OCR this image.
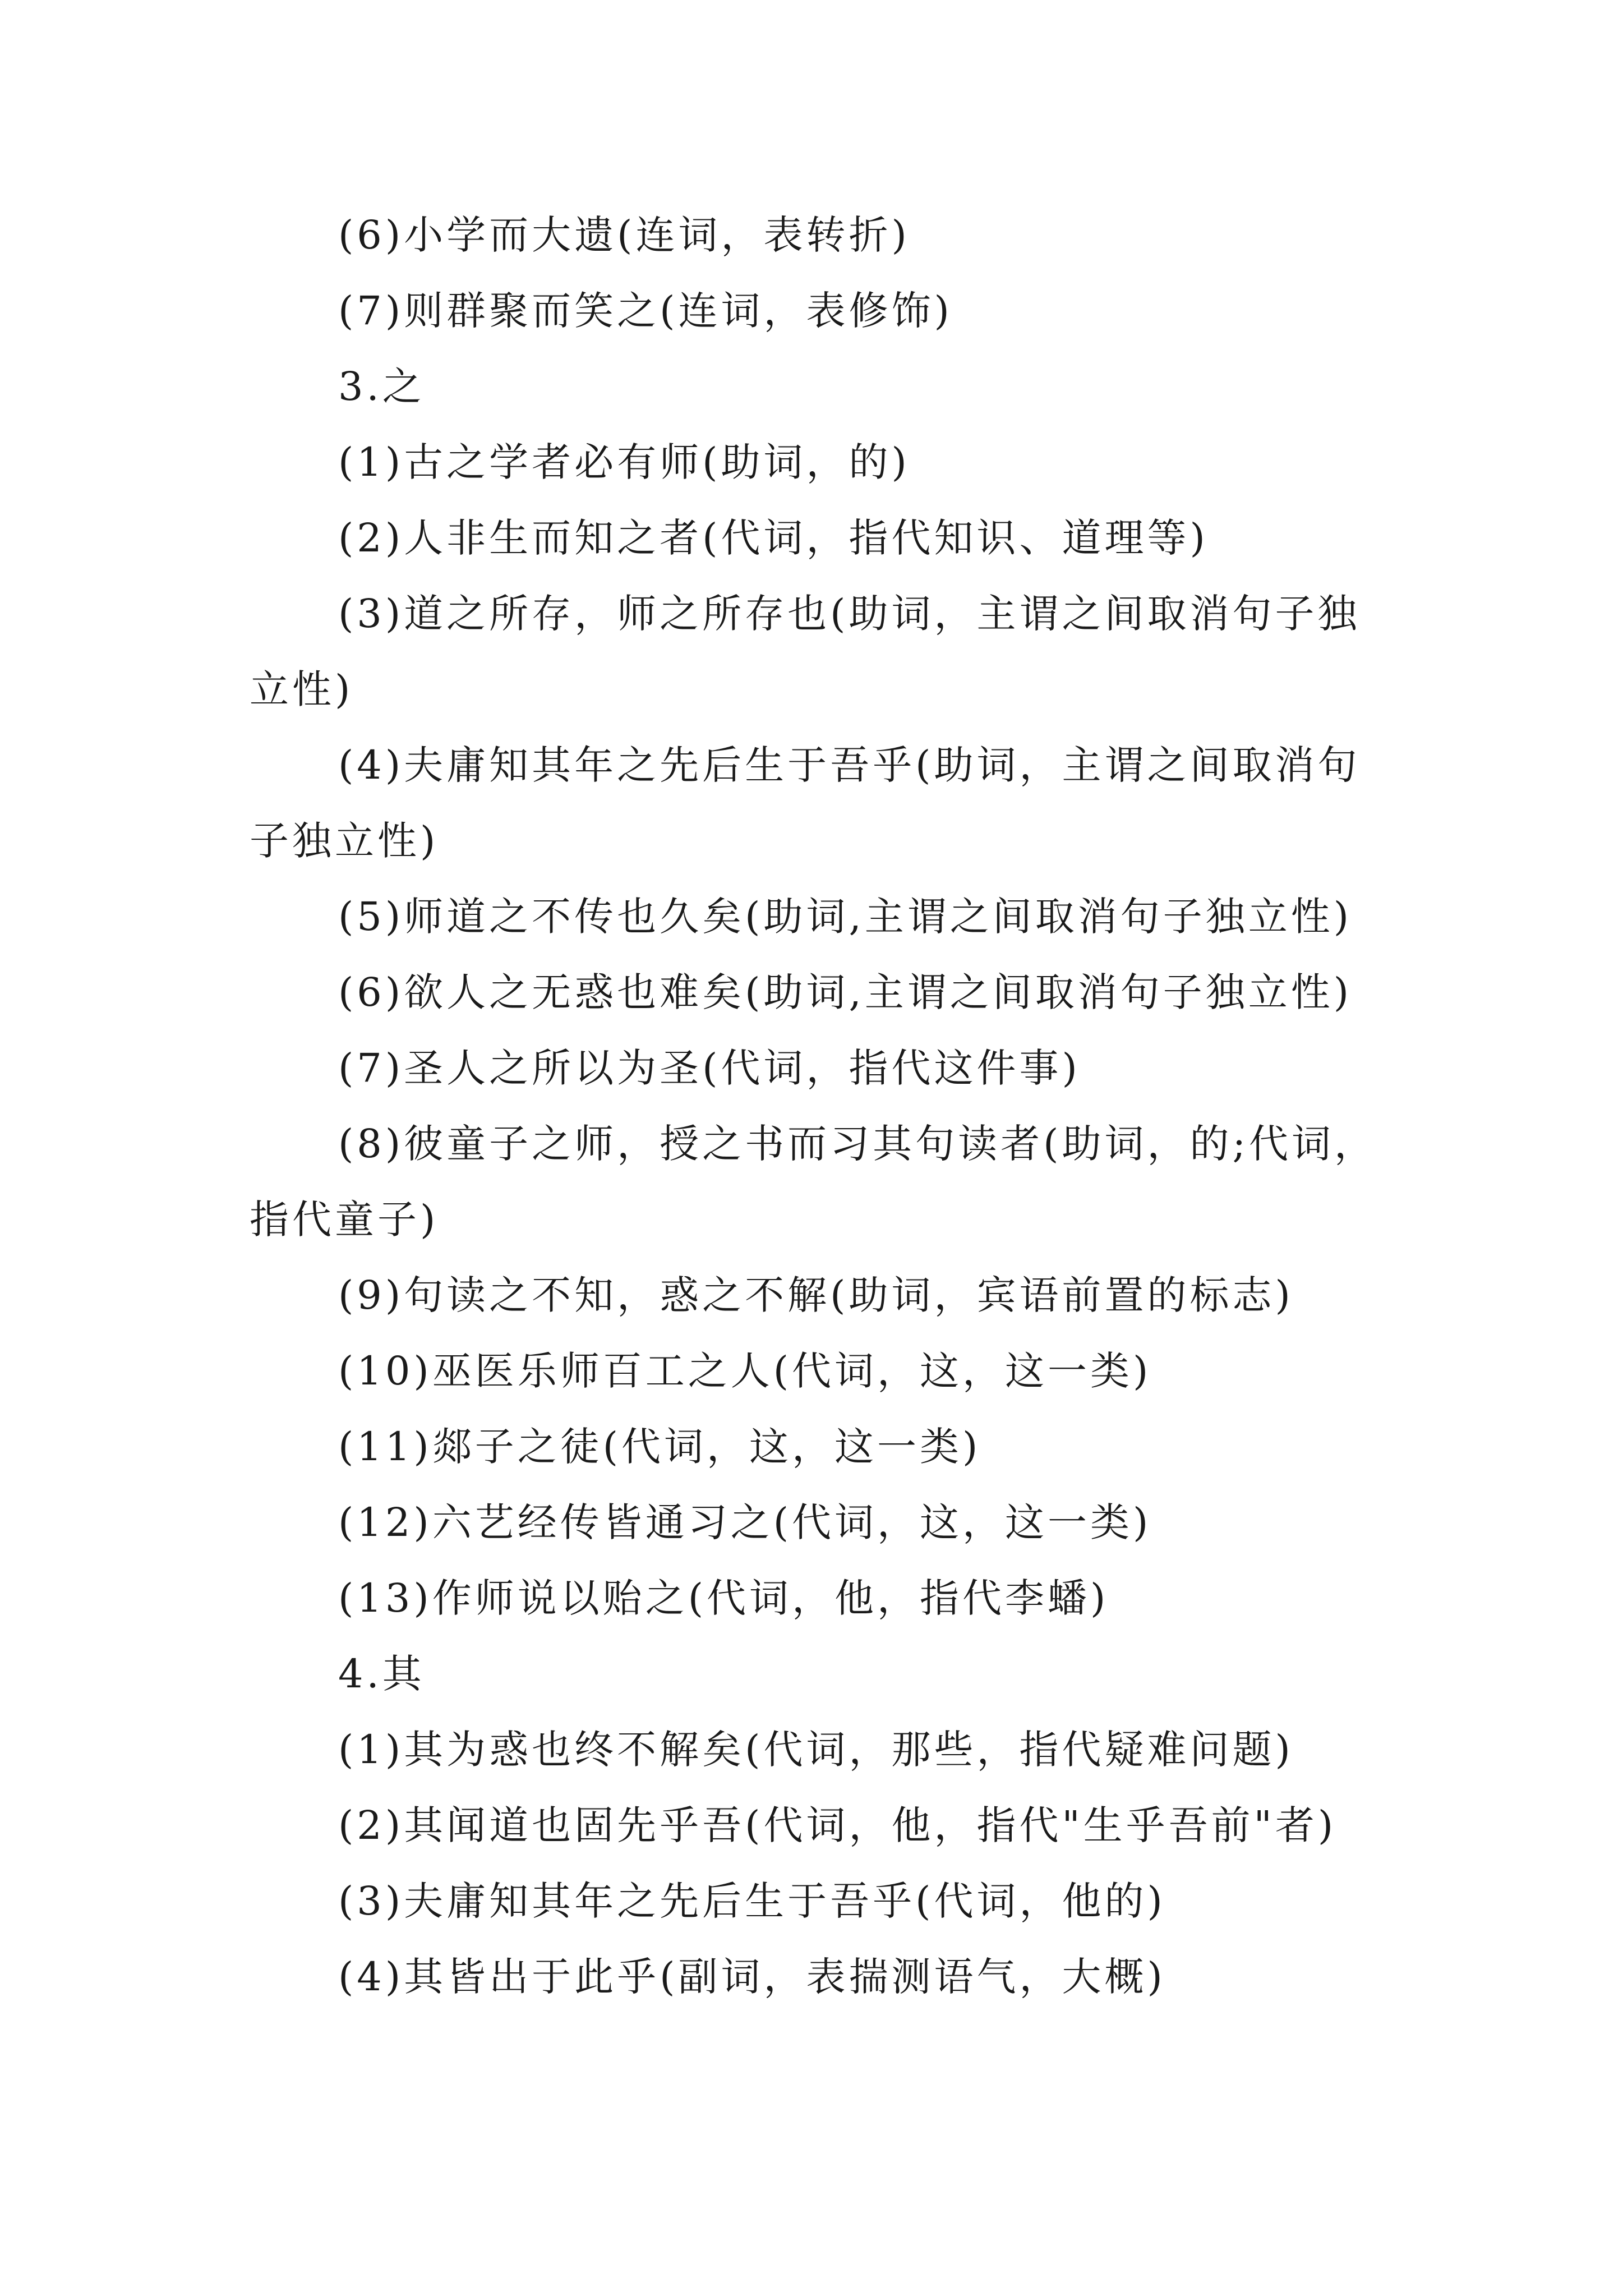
(6)小学而大遗(连词，表转折)

(7)则群聚而笑之(连词，表修饰)

3.之

(1)古之学者必有师(助词，的)

(2)人非生而知之者(代词，指代知识、道理等)

(3)道之所存，师之所存也(助词，主谓之间取消句子独立性)

(4)夫庸知其年之先后生于吾乎(助词，主谓之间取消句子独立性)

(5)师道之不传也久矣(助词,主谓之间取消句子独立性)

(6)欲人之无惑也难矣(助词,主谓之间取消句子独立性)

(7)圣人之所以为圣(代词，指代这件事)

(8)彼童子之师，授之书而习其句读者(助词，的;代词，指代童子)

(9)句读之不知，惑之不解(助词，宾语前置的标志)

(10)巫医乐师百工之人(代词，这，这一类)

(11)郯子之徒(代词，这，这一类)

(12)六艺经传皆通习之(代词，这，这一类)

(13)作师说以贻之(代词，他，指代李蟠)

4.其

(1)其为惑也终不解矣(代词，那些，指代疑难问题)

(2)其闻道也固先乎吾(代词，他，指代"生乎吾前"者)

(3)夫庸知其年之先后生于吾乎(代词，他的)

(4)其皆出于此乎(副词，表揣测语气，大概)
